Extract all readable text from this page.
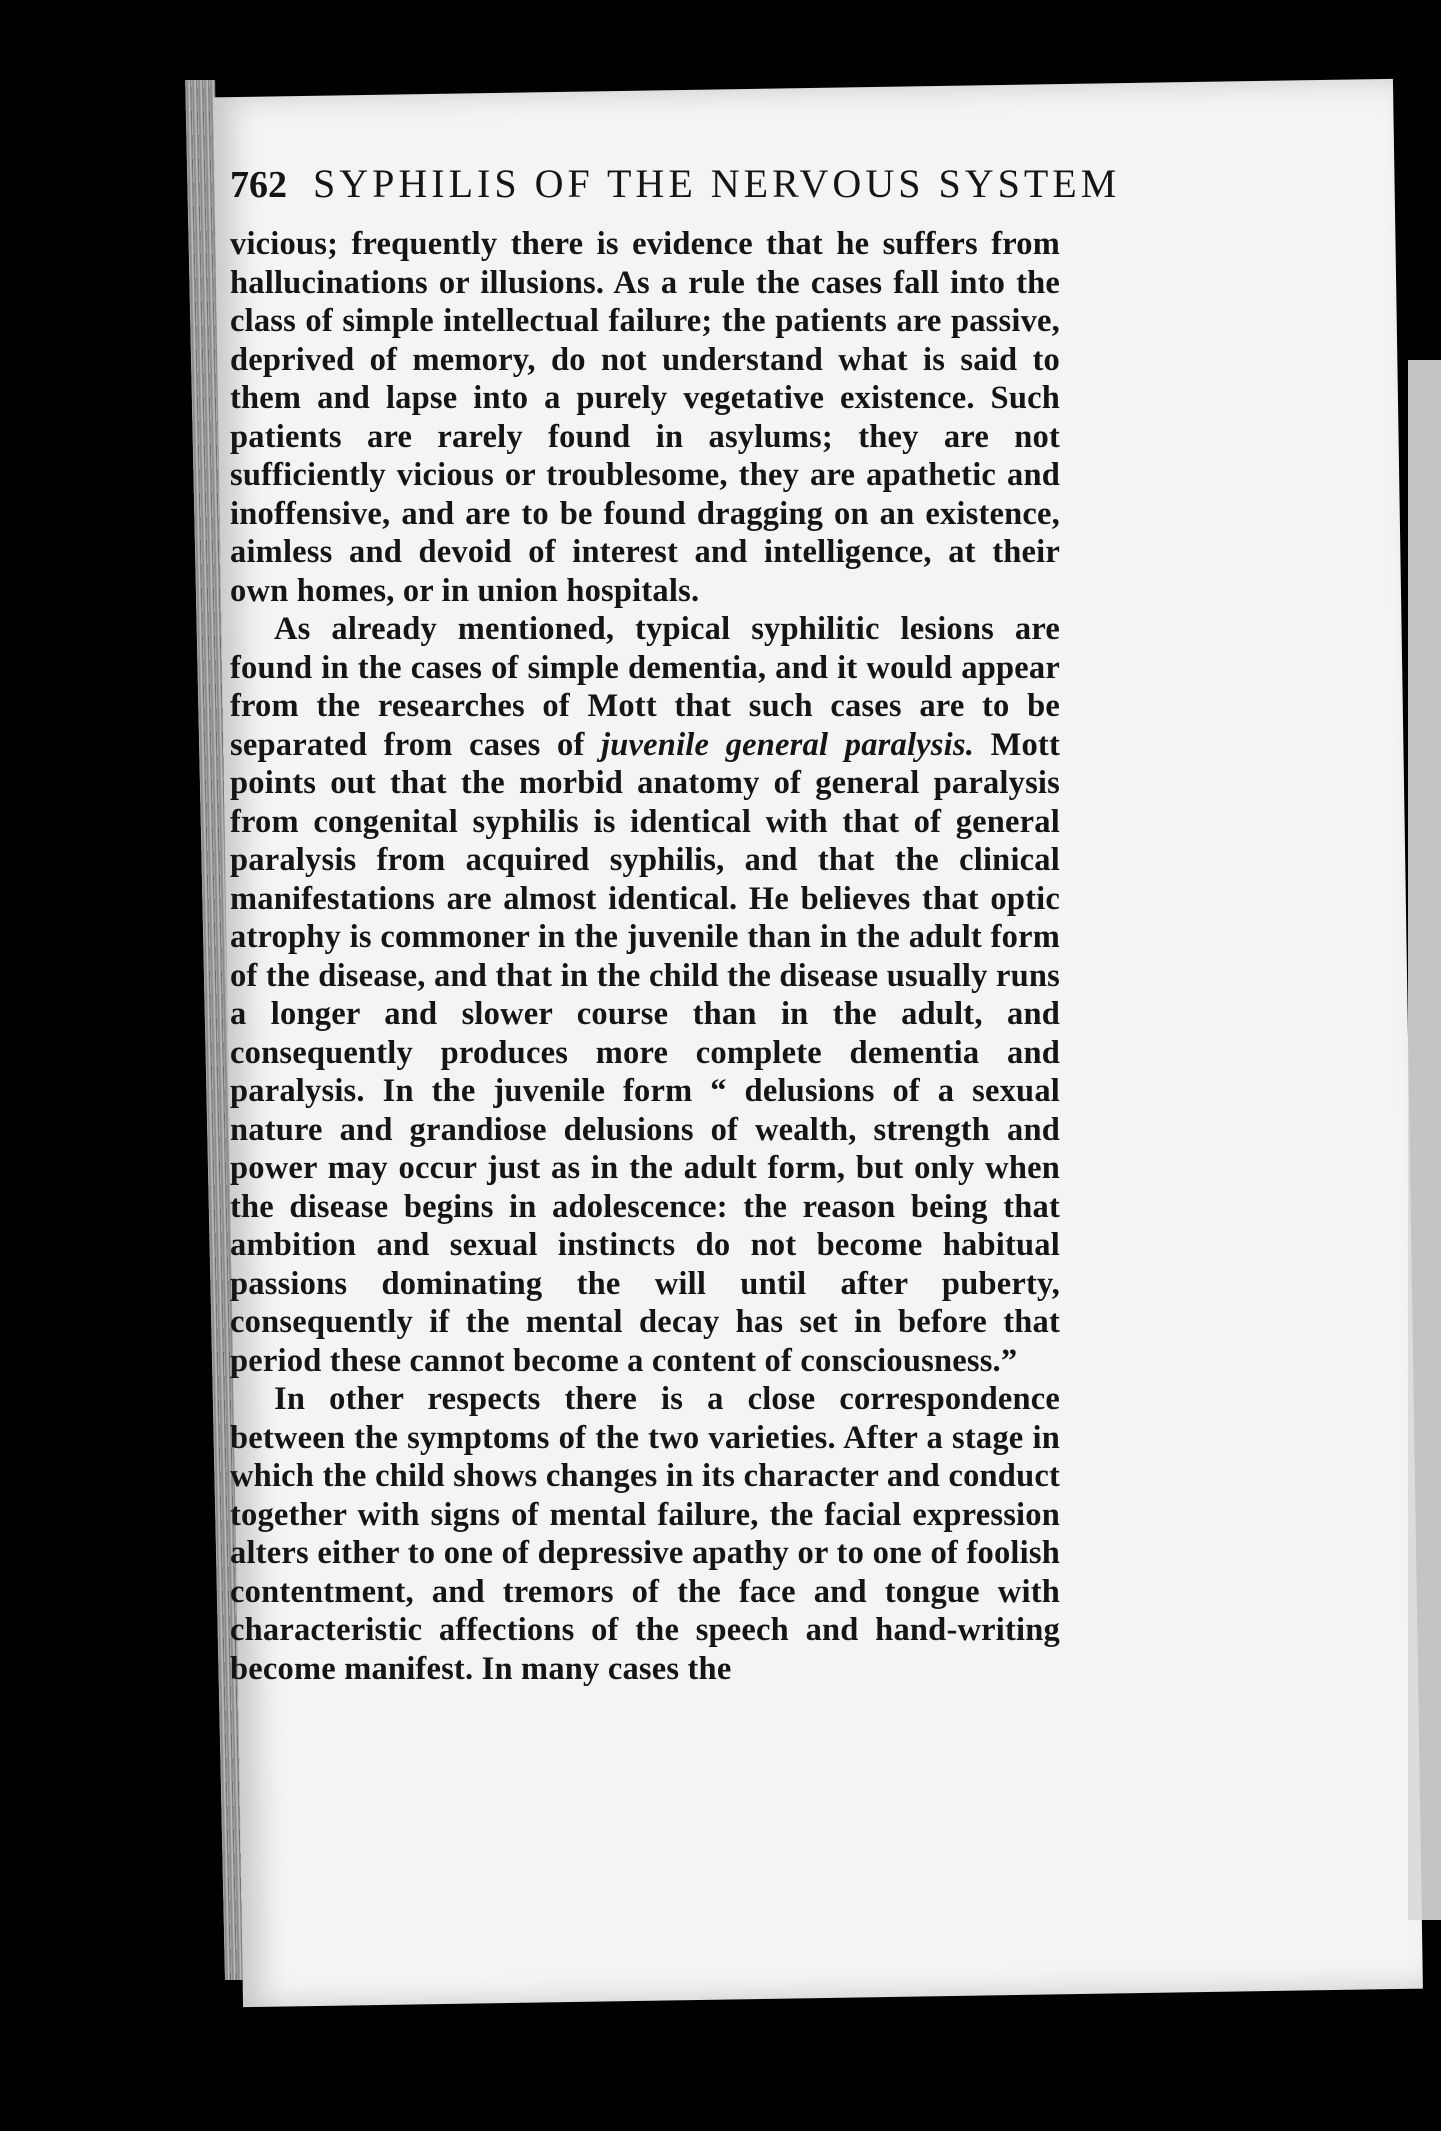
762 SYPHILIS OF THE NERVOUS SYSTEM

vicious; frequently there is evidence that he suffers from hallucinations or illusions. As a rule the cases fall into the class of simple intellectual failure; the patients are passive, deprived of memory, do not understand what is said to them and lapse into a purely vegetative existence. Such patients are rarely found in asylums; they are not sufficiently vicious or troublesome, they are apathetic and inoffensive, and are to be found dragging on an existence, aimless and devoid of interest and intelligence, at their own homes, or in union hospitals.

As already mentioned, typical syphilitic lesions are found in the cases of simple dementia, and it would appear from the researches of Mott that such cases are to be separated from cases of juvenile general paralysis. Mott points out that the morbid anatomy of general paralysis from congenital syphilis is identical with that of general paralysis from acquired syphilis, and that the clinical manifestations are almost identical. He believes that optic atrophy is commoner in the juvenile than in the adult form of the disease, and that in the child the disease usually runs a longer and slower course than in the adult, and consequently produces more complete dementia and paralysis. In the juvenile form “ delusions of a sexual nature and grandiose delusions of wealth, strength and power may occur just as in the adult form, but only when the disease begins in adolescence: the reason being that ambition and sexual instincts do not become habitual passions dominating the will until after puberty, consequently if the mental decay has set in before that period these cannot become a content of consciousness.”

In other respects there is a close correspondence between the symptoms of the two varieties. After a stage in which the child shows changes in its character and conduct together with signs of mental failure, the facial expression alters either to one of depressive apathy or to one of foolish contentment, and tremors of the face and tongue with characteristic affections of the speech and hand-writing become manifest. In many cases the
